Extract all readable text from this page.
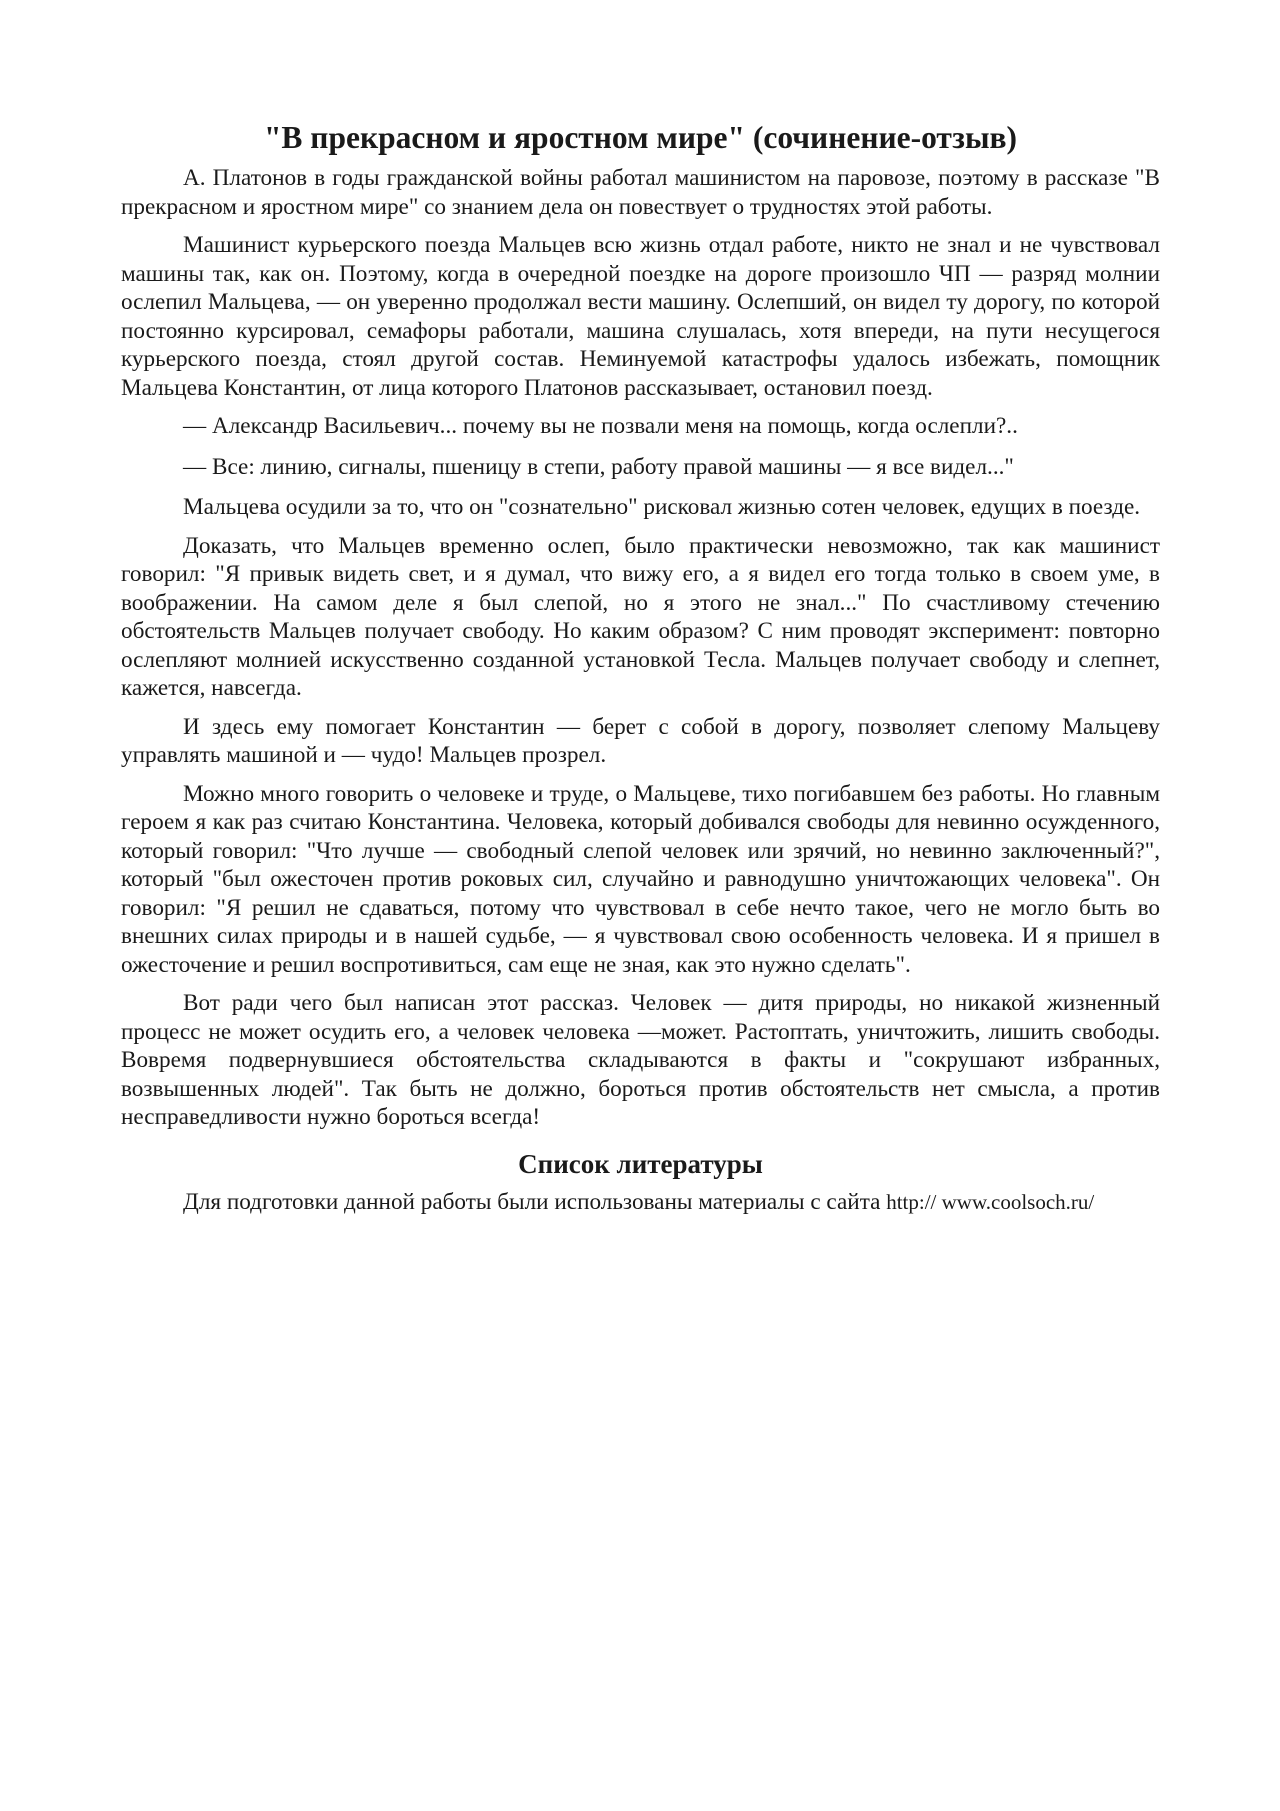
"В прекрасном и яростном мире" (сочинение-отзыв)

А. Платонов в годы гражданской войны работал машинистом на паровозе, поэтому в рассказе "В прекрасном и яростном мире" со знанием дела он повествует о трудностях этой работы.

Машинист курьерского поезда Мальцев всю жизнь отдал работе, никто не знал и не чувствовал машины так, как он. Поэтому, когда в очередной поездке на дороге произошло ЧП — разряд молнии ослепил Мальцева, — он уверенно продолжал вести машину. Ослепший, он видел ту дорогу, по которой постоянно курсировал, семафоры работали, машина слушалась, хотя впереди, на пути несущегося курьерского поезда, стоял другой состав. Неминуемой катастрофы удалось избежать, помощник Мальцева Константин, от лица которого Платонов рассказывает, остановил поезд.

— Александр Васильевич... почему вы не позвали меня на помощь, когда ослепли?..

— Все: линию, сигналы, пшеницу в степи, работу правой машины — я все видел..."

Мальцева осудили за то, что он "сознательно" рисковал жизнью сотен человек, едущих в поезде.

Доказать, что Мальцев временно ослеп, было практически невозможно, так как машинист говорил: "Я привык видеть свет, и я думал, что вижу его, а я видел его тогда только в своем уме, в воображении. На самом деле я был слепой, но я этого не знал..." По счастливому стечению обстоятельств Мальцев получает свободу. Но каким образом? С ним проводят эксперимент: повторно ослепляют молнией искусственно созданной установкой Тесла. Мальцев получает свободу и слепнет, кажется, навсегда.

И здесь ему помогает Константин — берет с собой в дорогу, позволяет слепому Мальцеву управлять машиной и — чудо! Мальцев прозрел.

Можно много говорить о человеке и труде, о Мальцеве, тихо погибавшем без работы. Но главным героем я как раз считаю Константина. Человека, который добивался свободы для невинно осужденного, который говорил: "Что лучше — свободный слепой человек или зрячий, но невинно заключенный?", который "был ожесточен против роковых сил, случайно и равнодушно уничтожающих человека". Он говорил: "Я решил не сдаваться, потому что чувствовал в себе нечто такое, чего не могло быть во внешних силах природы и в нашей судьбе, — я чувствовал свою особенность человека. И я пришел в ожесточение и решил воспротивиться, сам еще не зная, как это нужно сделать".

Вот ради чего был написан этот рассказ. Человек — дитя природы, но никакой жизненный процесс не может осудить его, а человек человека —может. Растоптать, уничтожить, лишить свободы. Вовремя подвернувшиеся обстоятельства складываются в факты и "сокрушают избранных, возвышенных людей". Так быть не должно, бороться против обстоятельств нет смысла, а против несправедливости нужно бороться всегда!

Список литературы

Для подготовки данной работы были использованы материалы с сайта http:// www.coolsoch.ru/
